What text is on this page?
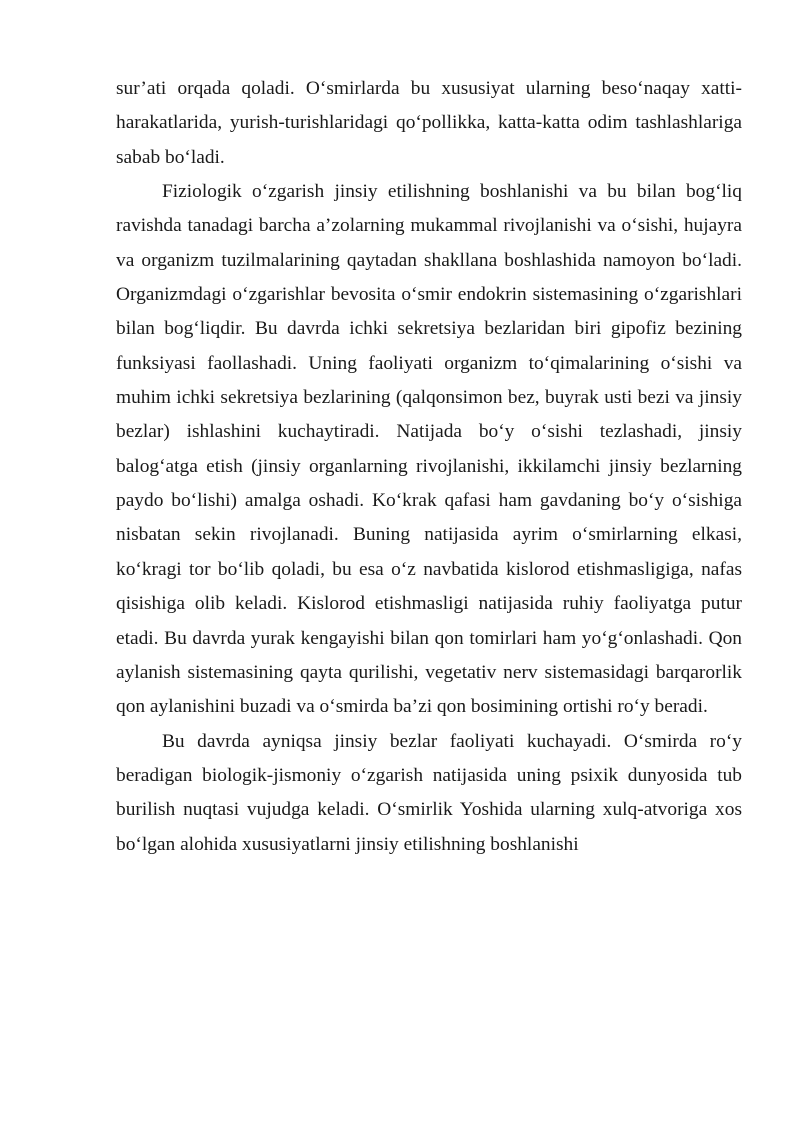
sur’ati orqada qoladi. O‘smirlarda bu xususiyat ularning beso‘naqay xatti-harakatlarida, yurish-turishlaridagi qo‘pollikka, katta-katta odim tashlashlariga sabab bo‘ladi.

Fiziologik o‘zgarish jinsiy etilishning boshlanishi va bu bilan bog‘liq ravishda tanadagi barcha a’zolarning mukammal rivojlanishi va o‘sishi, hujayra va organizm tuzilmalarining qaytadan shakllana boshlashida namoyon bo‘ladi. Organizmdagi o‘zgarishlar bevosita o‘smir endokrin sistemasining o‘zgarishlari bilan bog‘liqdir. Bu davrda ichki sekretsiya bezlaridan biri gipofiz bezining funksiyasi faollashadi. Uning faoliyati organizm to‘qimalarining o‘sishi va muhim ichki sekretsiya bezlarining (qalqonsimon bez, buyrak usti bezi va jinsiy bezlar) ishlashini kuchaytiradi. Natijada bo‘y o‘sishi tezlashadi, jinsiy balog‘atga etish (jinsiy organlarning rivojlanishi, ikkilamchi jinsiy bezlarning paydo bo‘lishi) amalga oshadi. Ko‘krak qafasi ham gavdaning bo‘y o‘sishiga nisbatan sekin rivojlanadi. Buning natijasida ayrim o‘smirlarning elkasi, ko‘kragi tor bo‘lib qoladi, bu esa o‘z navbatida kislorod etishmasligiga, nafas qisishiga olib keladi. Kislorod etishmasligi natijasida ruhiy faoliyatga putur etadi. Bu davrda yurak kengayishi bilan qon tomirlari ham yo‘g‘onlashadi. Qon aylanish sistemasining qayta qurilishi, vegetativ nerv sistemasidagi barqarorlik qon aylanishini buzadi va o‘smirda ba’zi qon bosimining ortishi ro‘y beradi.

Bu davrda ayniqsa jinsiy bezlar faoliyati kuchayadi. O‘smirda ro‘y beradigan biologik-jismoniy o‘zgarish natijasida uning psixik dunyosida tub burilish nuqtasi vujudga keladi. O‘smirlik Yoshida ularning xulq-atvoriga xos bo‘lgan alohida xususiyatlarni jinsiy etilishning boshlanishi
